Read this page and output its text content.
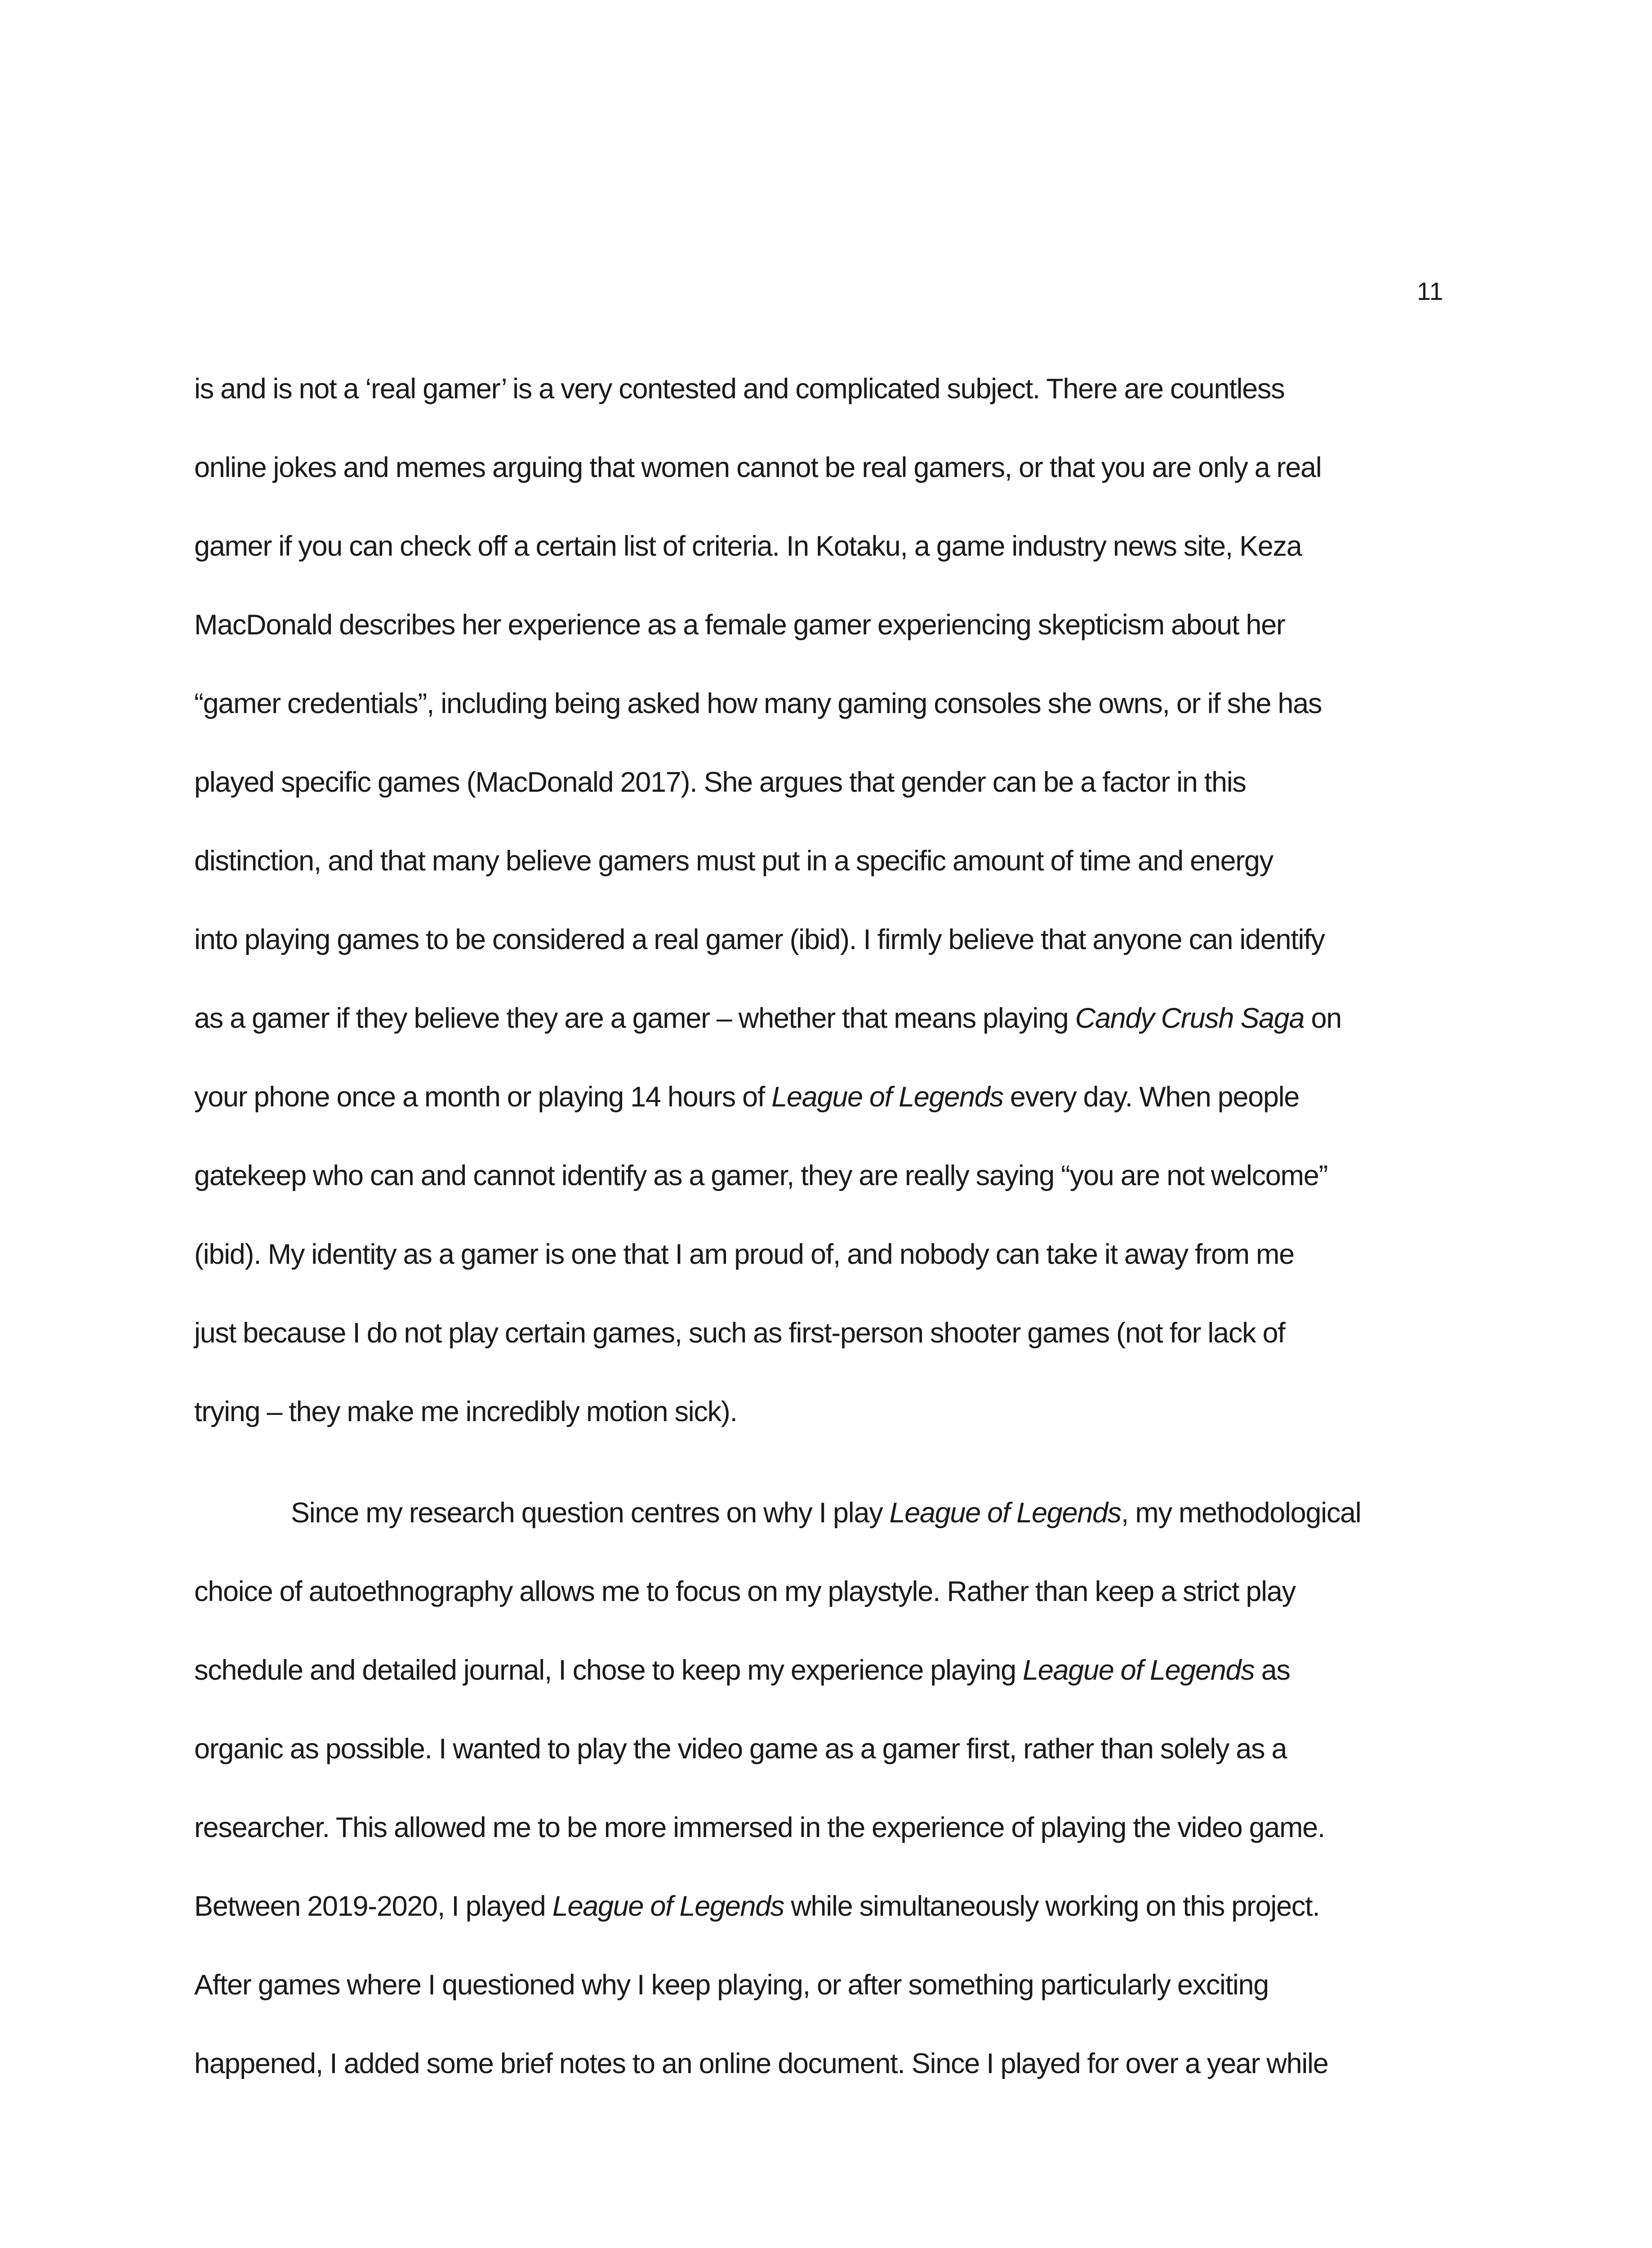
11
is and is not a ‘real gamer’ is a very contested and complicated subject. There are countless
online jokes and memes arguing that women cannot be real gamers, or that you are only a real
gamer if you can check off a certain list of criteria. In Kotaku, a game industry news site, Keza
MacDonald describes her experience as a female gamer experiencing skepticism about her
“gamer credentials”, including being asked how many gaming consoles she owns, or if she has
played specific games (MacDonald 2017). She argues that gender can be a factor in this
distinction, and that many believe gamers must put in a specific amount of time and energy
into playing games to be considered a real gamer (ibid). I firmly believe that anyone can identify
as a gamer if they believe they are a gamer – whether that means playing Candy Crush Saga on
your phone once a month or playing 14 hours of League of Legends every day. When people
gatekeep who can and cannot identify as a gamer, they are really saying “you are not welcome”
(ibid). My identity as a gamer is one that I am proud of, and nobody can take it away from me
just because I do not play certain games, such as first-person shooter games (not for lack of
trying – they make me incredibly motion sick).
Since my research question centres on why I play League of Legends, my methodological
choice of autoethnography allows me to focus on my playstyle. Rather than keep a strict play
schedule and detailed journal, I chose to keep my experience playing League of Legends as
organic as possible. I wanted to play the video game as a gamer first, rather than solely as a
researcher. This allowed me to be more immersed in the experience of playing the video game.
Between 2019-2020, I played League of Legends while simultaneously working on this project.
After games where I questioned why I keep playing, or after something particularly exciting
happened, I added some brief notes to an online document. Since I played for over a year while
